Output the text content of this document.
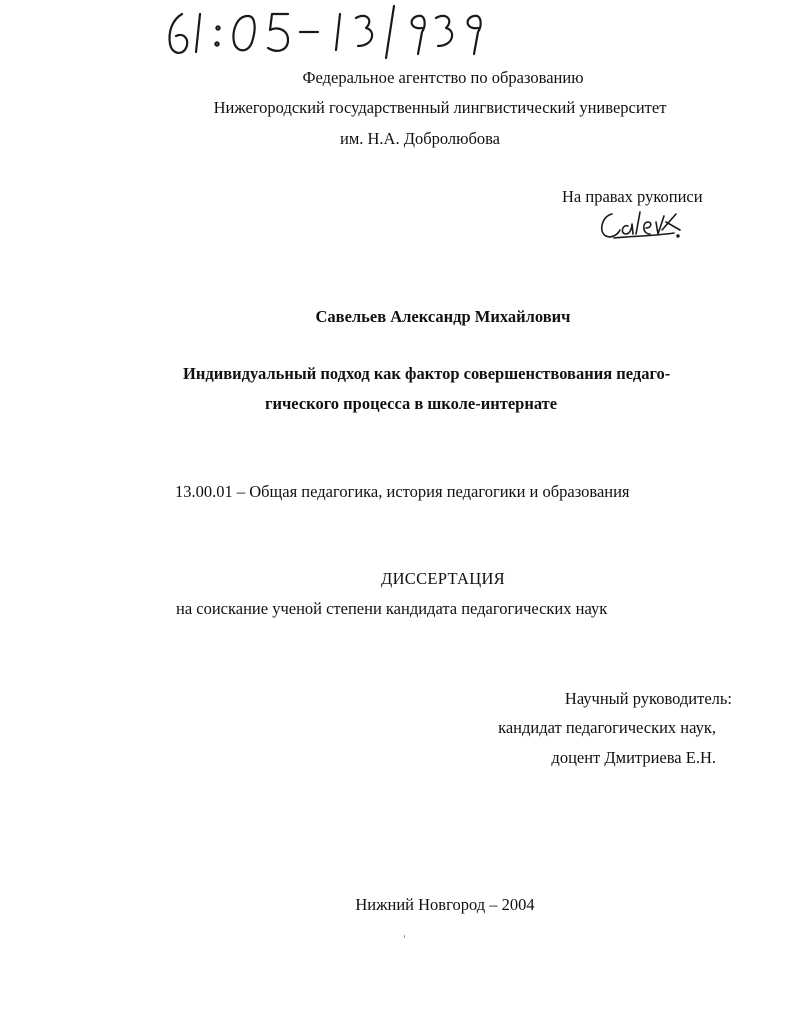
61: 05-13/939
Федеральное агентство по образованию
Нижегородский государственный лингвистический университет
им. Н.А. Добролюбова
На правах рукописи
Савельев Александр Михайлович
Индивидуальный подход как фактор совершенствования педаго-
гического процесса в школе-интернате
13.00.01 – Общая педагогика, история педагогики и образования
ДИССЕРТАЦИЯ
на соискание ученой степени кандидата педагогических наук
Научный руководитель:
кандидат педагогических наук,
доцент Дмитриева Е.Н.
Нижний Новгород – 2004
